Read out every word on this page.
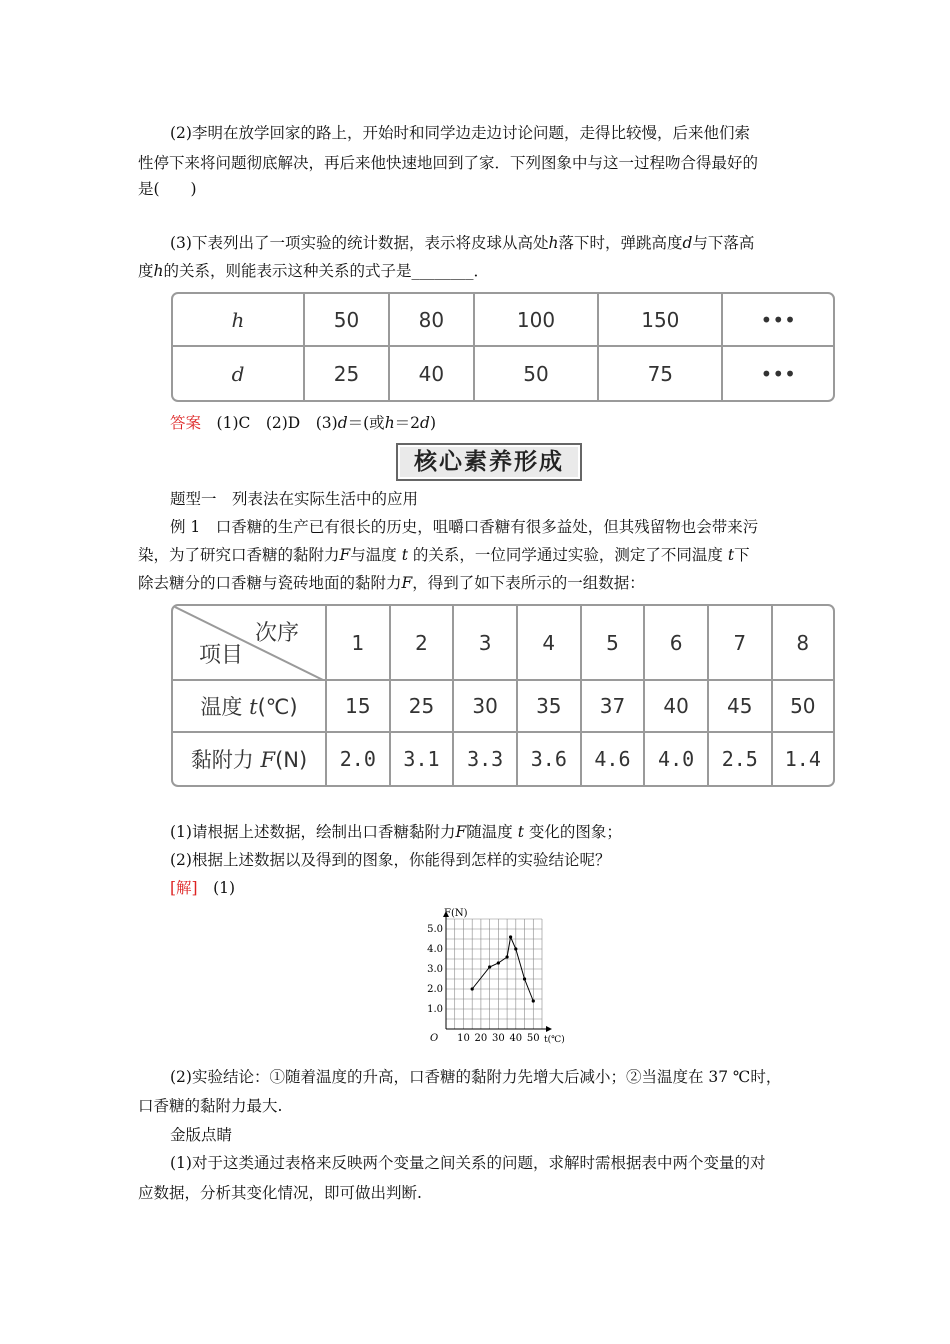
(2)李明在放学回家的路上，开始时和同学边走边讨论问题，走得比较慢，后来他们索

性停下来将问题彻底解决，再后来他快速地回到了家．下列图象中与这一过程吻合得最好的

是(　　)

(3)下表列出了一项实验的统计数据，表示将皮球从高处h落下时，弹跳高度d与下落高

度h的关系，则能表示这种关系的式子是________．

h	50	80	100	150	•••
d	25	40	50	75	•••

答案　 (1)C　(2)D　(3)d＝(或h＝2d)

核心素养形成

题型一　列表法在实际生活中的应用

例 1　口香糖的生产已有很长的历史，咀嚼口香糖有很多益处，但其残留物也会带来污

染，为了研究口香糖的黏附力F与温度 t 的关系，一位同学通过实验，测定了不同温度 t下

除去糖分的口香糖与瓷砖地面的黏附力F，得到了如下表所示的一组数据：

次序
项目	1	2	3	4	5	6	7	8
温度 t(℃)	15	25	30	35	37	40	45	50
黏附力 F(N)	2.0	3.1	3.3	3.6	4.6	4.0	2.5	1.4

(1)请根据上述数据，绘制出口香糖黏附力F随温度 t 变化的图象；

(2)根据上述数据以及得到的图象，你能得到怎样的实验结论呢？

[解]　 (1)

10 20 30 40 50
1.0
2.0
3.0
4.0
5.0
O
F(N)
t(℃)

(2)实验结论：①随着温度的升高，口香糖的黏附力先增大后减小；②当温度在 37 ℃时，

口香糖的黏附力最大.

金版点睛

(1)对于这类通过表格来反映两个变量之间关系的问题，求解时需根据表中两个变量的对

应数据，分析其变化情况，即可做出判断.
